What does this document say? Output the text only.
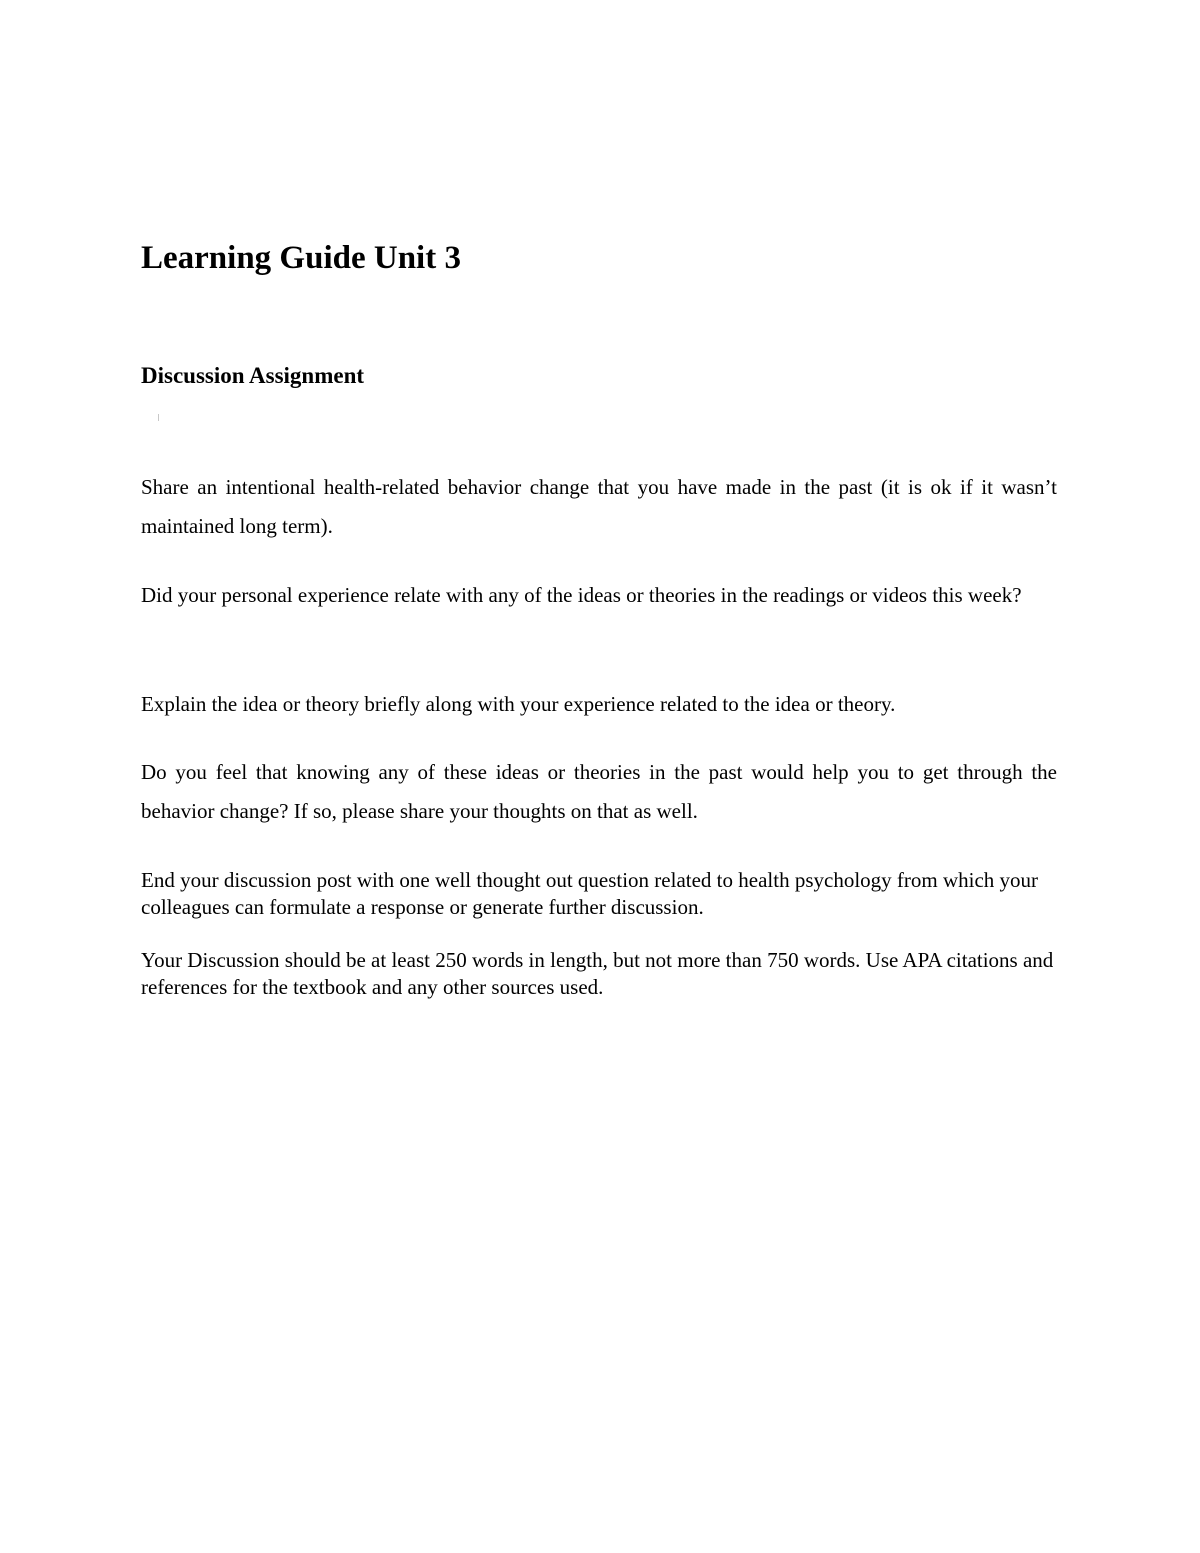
Learning Guide Unit 3
Discussion Assignment

Share an intentional health-related behavior change that you have made in the past (it is ok if it wasn’t maintained long term).

Did your personal experience relate with any of the ideas or theories in the readings or videos this week?

Explain the idea or theory briefly along with your experience related to the idea or theory.

Do you feel that knowing any of these ideas or theories in the past would help you to get through the behavior change? If so, please share your thoughts on that as well.

End your discussion post with one well thought out question related to health psychology from which your colleagues can formulate a response or generate further discussion.

Your Discussion should be at least 250 words in length, but not more than 750 words. Use APA citations and references for the textbook and any other sources used.
